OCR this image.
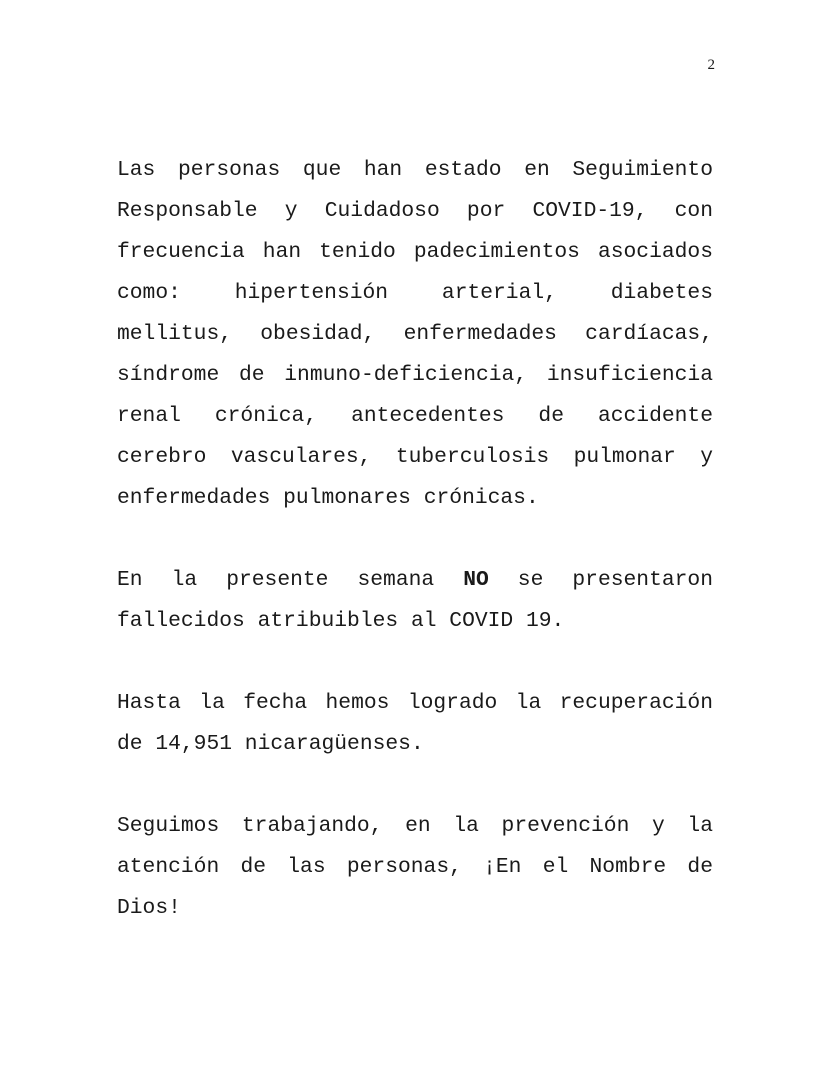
2

Las personas que han estado en Seguimiento Responsable y Cuidadoso por COVID-19, con frecuencia han tenido padecimientos asociados como: hipertensión arterial, diabetes mellitus, obesidad, enfermedades cardíacas, síndrome de inmuno-deficiencia, insuficiencia renal crónica, antecedentes de accidente cerebro vasculares, tuberculosis pulmonar y enfermedades pulmonares crónicas.

En la presente semana NO se presentaron fallecidos atribuibles al COVID 19.

Hasta la fecha hemos logrado la recuperación de 14,951 nicaragüenses.

Seguimos trabajando, en la prevención y la atención de las personas, ¡En el Nombre de Dios!
